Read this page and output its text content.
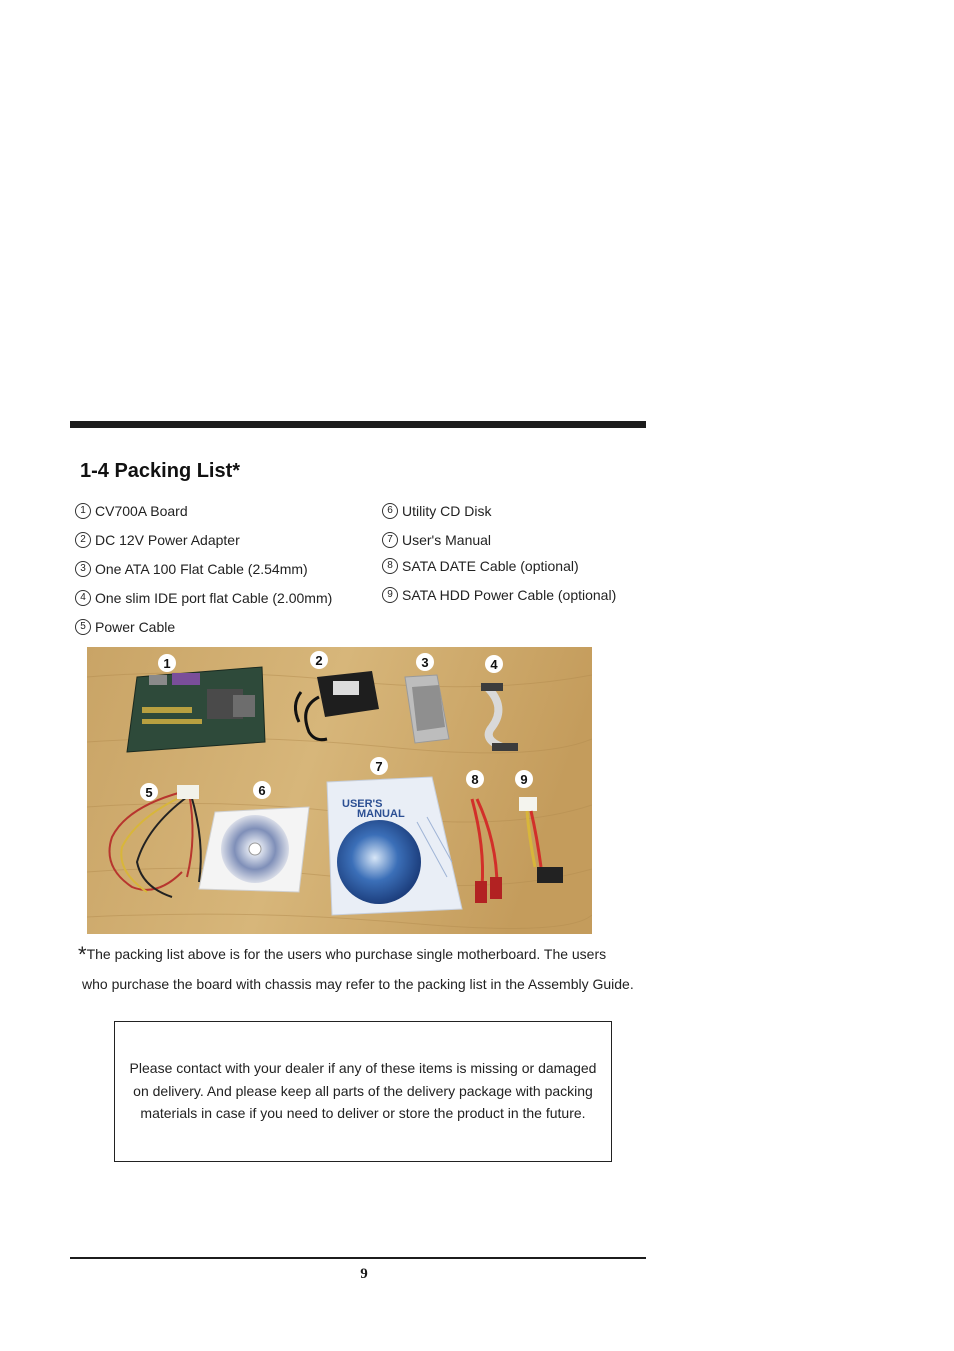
1-4 Packing List*
1 CV700A Board
2 DC 12V Power Adapter
3 One ATA 100 Flat Cable (2.54mm)
4 One slim IDE port flat Cable (2.00mm)
5 Power Cable
6 Utility CD Disk
7 User's Manual
8 SATA DATE Cable (optional)
9 SATA HDD Power Cable (optional)
USER'S
MANUAL
1	2	3	4
5	6
7
8	9
*The packing list above is for the users who purchase single motherboard. The users
who purchase the board with chassis may refer to the packing list in the Assembly Guide.
Please contact with your dealer if any of these items is missing or damaged
on delivery. And please keep all parts of the delivery package with packing
materials in case if you need to deliver or store the product in the future.
9
